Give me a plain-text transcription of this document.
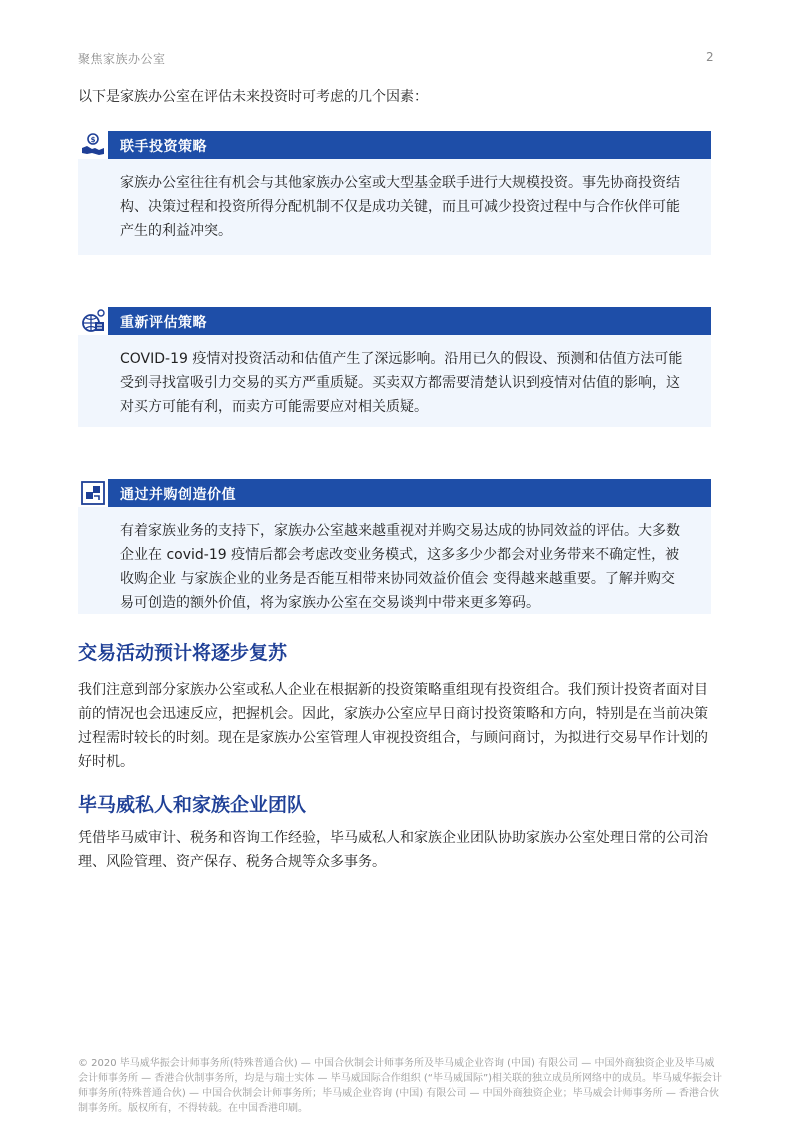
聚焦家族办公室	2
以下是家族办公室在评估未来投资时可考虑的几个因素：
$ 联手投资策略
家族办公室往往有机会与其他家族办公室或大型基金联手进行大规模投资。事先协商投资结构、决策过程和投资所得分配机制不仅是成功关键，而且可减少投资过程中与合作伙伴可能产生的利益冲突。
重新评估策略
COVID-19 疫情对投资活动和估值产生了深远影响。沿用已久的假设、预测和估值方法可能受到寻找富吸引力交易的买方严重质疑。买卖双方都需要清楚认识到疫情对估值的影响，这对买方可能有利，而卖方可能需要应对相关质疑。
通过并购创造价值
有着家族业务的支持下，家族办公室越来越重视对并购交易达成的协同效益的评估。大多数企业在 covid-19 疫情后都会考虑改变业务模式，这多多少少都会对业务带来不确定性，被收购企业 与家族企业的业务是否能互相带来协同效益价值会 变得越来越重要。了解并购交易可创造的额外价值，将为家族办公室在交易谈判中带来更多筹码。
交易活动预计将逐步复苏
我们注意到部分家族办公室或私人企业在根据新的投资策略重组现有投资组合。我们预计投资者面对目前的情况也会迅速反应，把握机会。因此，家族办公室应早日商讨投资策略和方向，特别是在当前决策过程需时较长的时刻。现在是家族办公室管理人审视投资组合，与顾问商讨，为拟进行交易早作计划的好时机。
毕马威私人和家族企业团队
凭借毕马威审计、税务和咨询工作经验，毕马威私人和家族企业团队协助家族办公室处理日常的公司治理、风险管理、资产保存、税务合规等众多事务。
© 2020 毕马威华振会计师事务所(特殊普通合伙) — 中国合伙制会计师事务所及毕马威企业咨询 (中国) 有限公司 — 中国外商独资企业及毕马威会计师事务所 — 香港合伙制事务所，均是与瑞士实体 — 毕马威国际合作组织 (“毕马威国际”)相关联的独立成员所网络中的成员。毕马威华振会计师事务所(特殊普通合伙) — 中国合伙制会计师事务所；毕马威企业咨询 (中国) 有限公司 — 中国外商独资企业；毕马威会计师事务所 — 香港合伙制事务所。版权所有，不得转载。在中国香港印刷。
